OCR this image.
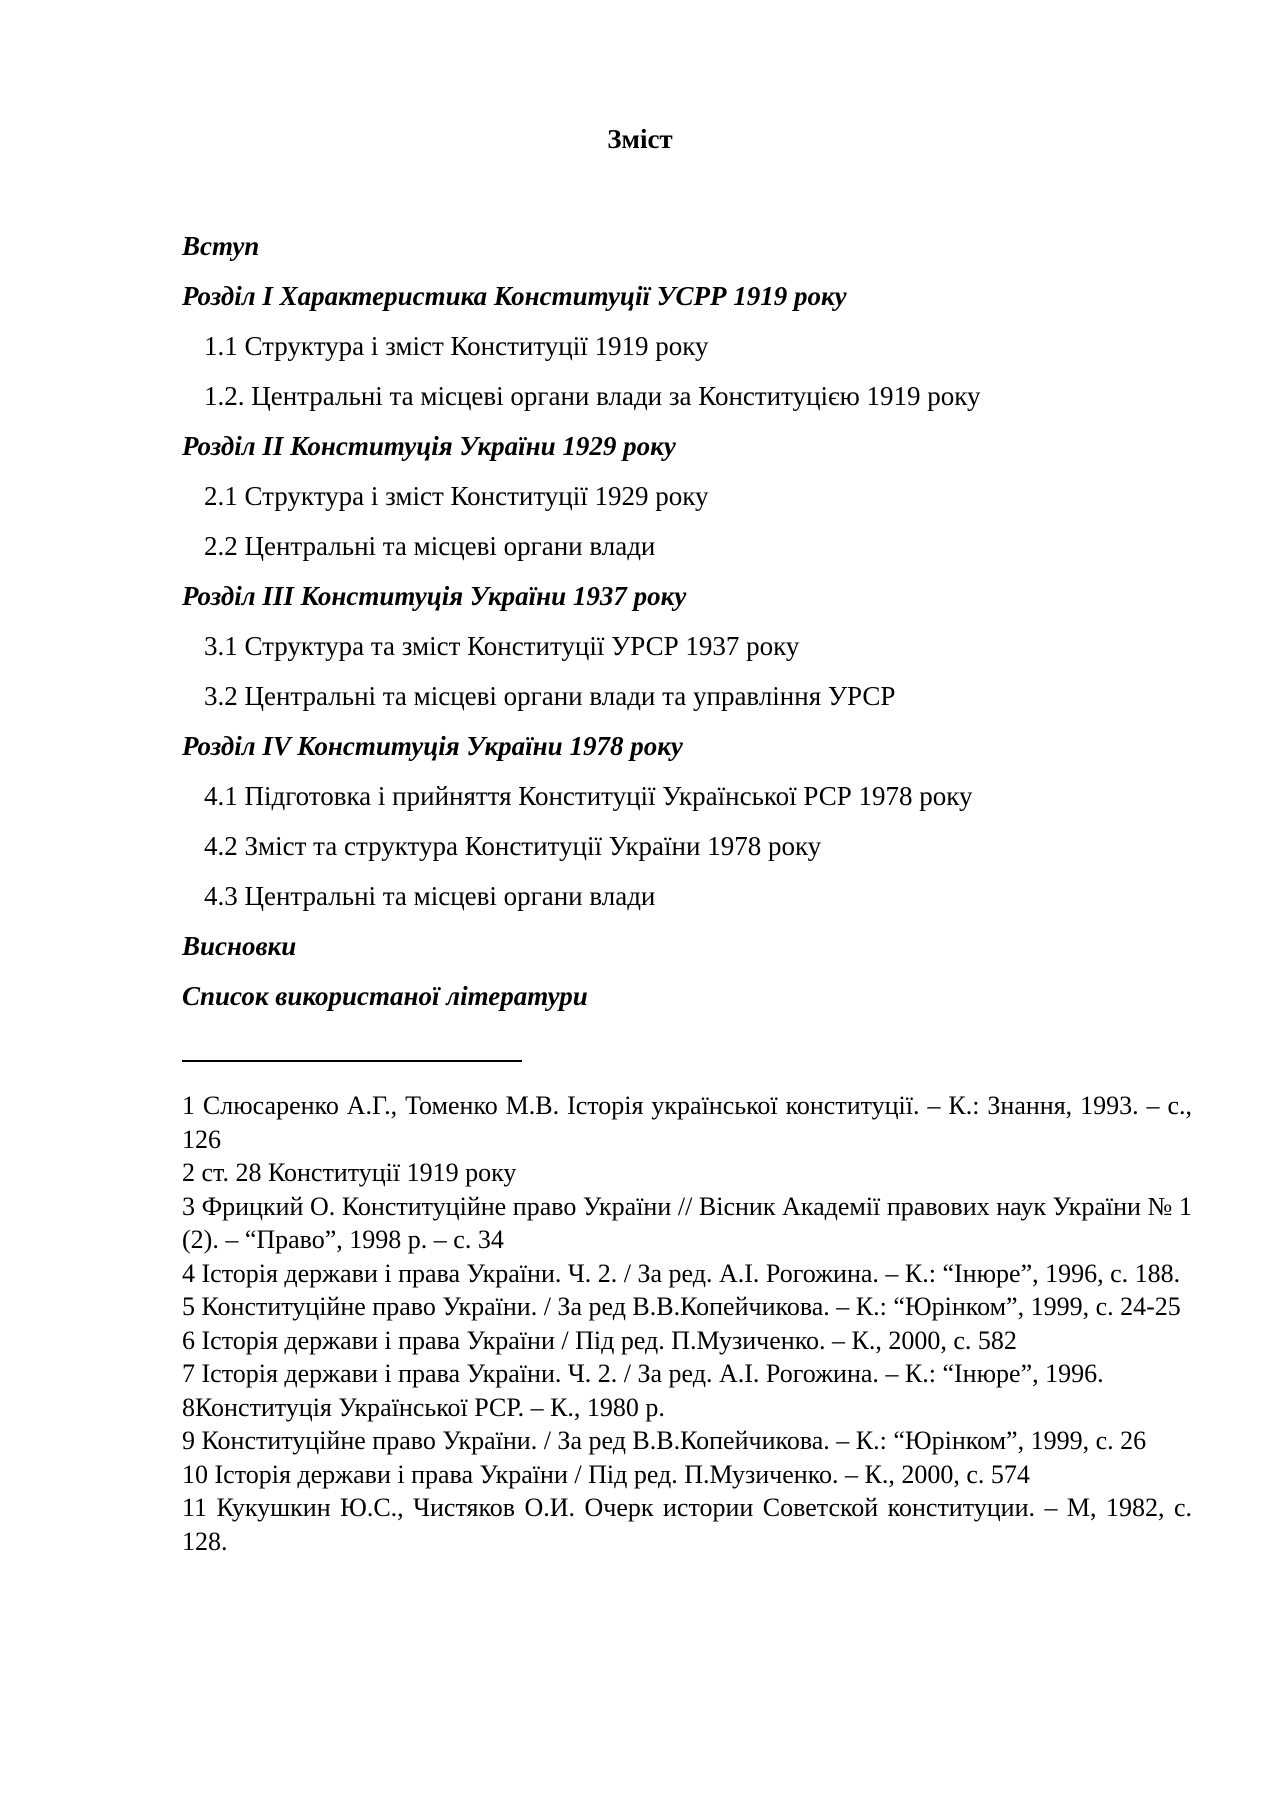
Зміст
Вступ
Розділ І Характеристика Конституції УСРР 1919 року
1.1 Структура і зміст Конституції 1919 року
1.2. Центральні та місцеві органи влади за Конституцією 1919 року
Розділ ІІ Конституція України 1929 року
2.1 Структура і зміст Конституції 1929 року
2.2 Центральні та місцеві органи влади
Розділ ІІІ Конституція України 1937 року
3.1 Структура та зміст Конституції УРСР 1937 року
3.2 Центральні та місцеві органи влади та управління УРСР
Розділ IV Конституція України 1978 року
4.1 Підготовка і прийняття Конституції Української РСР 1978 року
4.2 Зміст та структура Конституції України 1978 року
4.3 Центральні та місцеві органи влади
Висновки
Список використаної літератури
1 Слюсаренко А.Г., Томенко М.В. Історія української конституції. – К.: Знання, 1993. – с., 126
2 ст. 28 Конституції 1919 року
3 Фрицкий О. Конституційне право України // Вісник Академії правових наук України № 1 (2). – “Право”, 1998 р. – с. 34
4 Історія держави і права України. Ч. 2. / За ред. А.І. Рогожина. – К.: “Інюре”, 1996, с. 188.
5 Конституційне право України. / За ред В.В.Копейчикова. – К.: “Юрінком”, 1999, с. 24-25
6 Історія держави і права України / Під ред. П.Музиченко. – К., 2000, с. 582
7 Історія держави і права України. Ч. 2. / За ред. А.І. Рогожина. – К.: “Інюре”, 1996.
8Конституція Української РСР. – К., 1980 р.
9 Конституційне право України. / За ред В.В.Копейчикова. – К.: “Юрінком”, 1999, с. 26
10 Історія держави і права України / Під ред. П.Музиченко. – К., 2000, с. 574
11 Кукушкин Ю.С., Чистяков О.И. Очерк истории Советской конституции. – М, 1982, с. 128.
